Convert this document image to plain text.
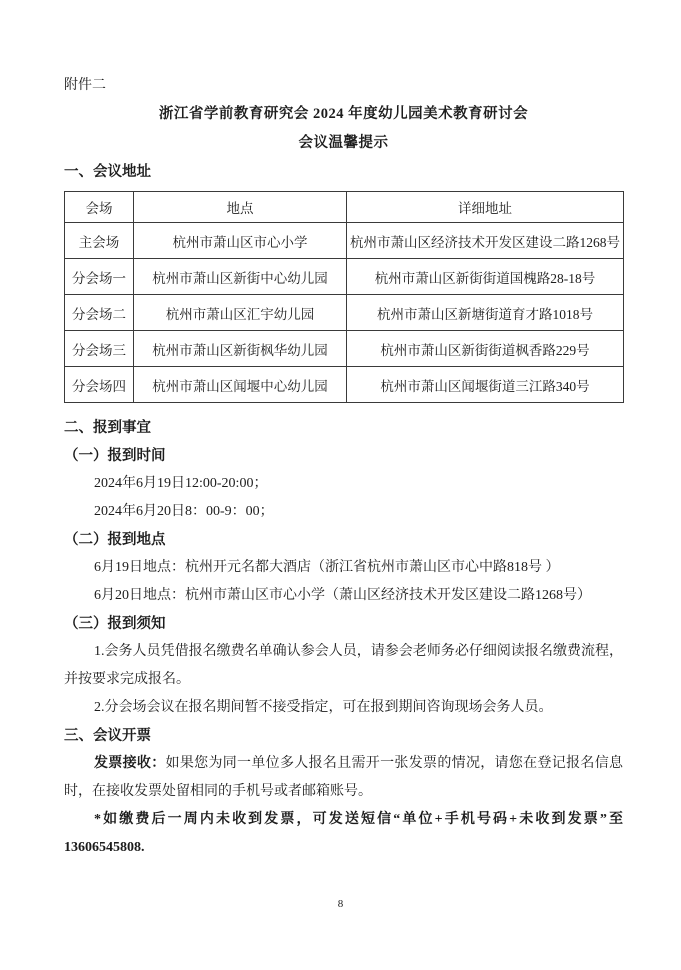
附件二
浙江省学前教育研究会 2024 年度幼儿园美术教育研讨会
会议温馨提示
一、会议地址
会场	地点	详细地址
主会场	杭州市萧山区市心小学	杭州市萧山区经济技术开发区建设二路1268号
分会场一	杭州市萧山区新街中心幼儿园	杭州市萧山区新街街道国槐路28-18号
分会场二	杭州市萧山区汇宇幼儿园	杭州市萧山区新塘街道育才路1018号
分会场三	杭州市萧山区新街枫华幼儿园	杭州市萧山区新街街道枫香路229号
分会场四	杭州市萧山区闻堰中心幼儿园	杭州市萧山区闻堰街道三江路340号
二、报到事宜
（一）报到时间

2024年6月19日12:00-20:00；

2024年6月20日8：00-9：00；

（二）报到地点

6月19日地点：杭州开元名都大酒店（浙江省杭州市萧山区市心中路818号 ）

6月20日地点：杭州市萧山区市心小学（萧山区经济技术开发区建设二路1268号）

（三）报到须知

1.会务人员凭借报名缴费名单确认参会人员，请参会老师务必仔细阅读报名缴费流程，并按要求完成报名。

2.分会场会议在报名期间暂不接受指定，可在报到期间咨询现场会务人员。

三、会议开票

发票接收：如果您为同一单位多人报名且需开一张发票的情况，请您在登记报名信息时，在接收发票处留相同的手机号或者邮箱账号。

*如缴费后一周内未收到发票，可发送短信“单位+手机号码+未收到发票”至13606545808.

8
